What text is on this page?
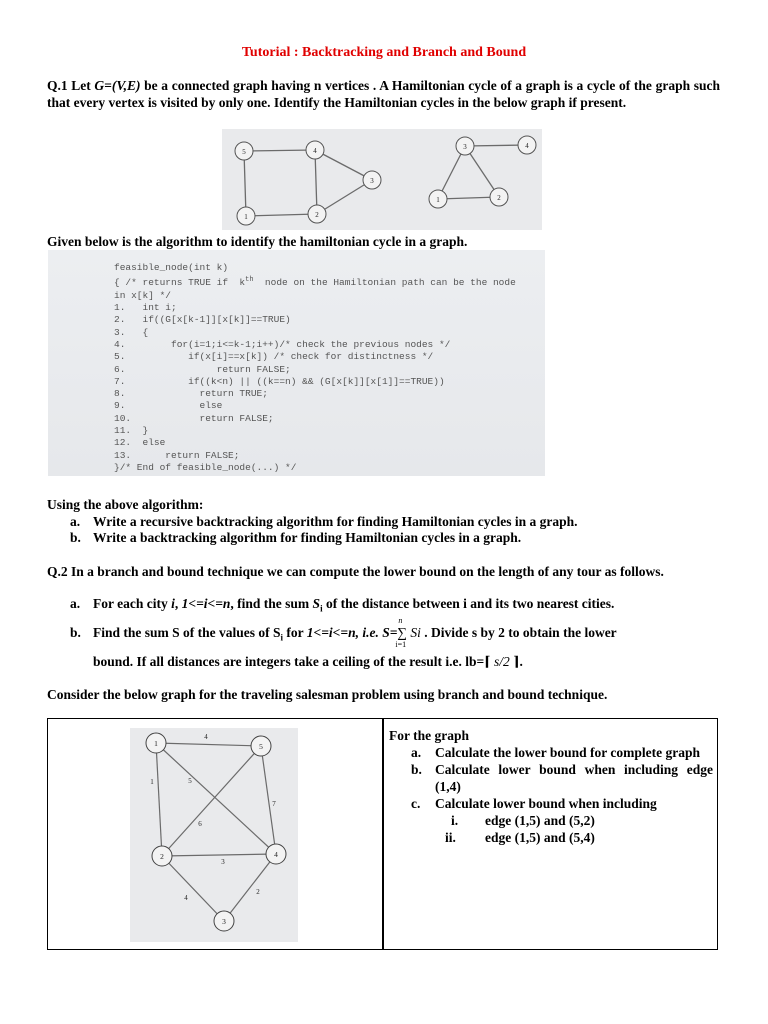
Tutorial : Backtracking and Branch and Bound
Q.1 Let G=(V,E) be a connected graph having n vertices . A Hamiltonian cycle of a graph is a cycle of the graph such that every vertex is visited by only one. Identify the Hamiltonian cycles in the below graph if present.
5	4
3
1	2
3	4
1	2
Given below is the algorithm to identify the hamiltonian cycle in a graph.
feasible_node(int k)
{ /* returns TRUE if  $k^{th}$  node on the Hamiltonian path can be the node
in x[k] */
1.   int i;
2.   if((G[x[k-1]][x[k]]==TRUE)
3.   {
4.        for(i=1;i<=k-1;i++)/* check the previous nodes */
5.           if(x[i]==x[k]) /* check for distinctness */
6.                return FALSE;
7.           if((k<n) || ((k==n) && (G[x[k]][x[1]]==TRUE))
8.             return TRUE;
9.             else
10.            return FALSE;
11.  }
12.  else
13.      return FALSE;
}/* End of feasible_node(...) */
Using the above algorithm:
a. Write a recursive backtracking algorithm for finding Hamiltonian cycles in a graph.
b. Write a backtracking algorithm for finding Hamiltonian cycles in a graph.
Q.2 In a branch and bound technique we can compute the lower bound on the length of any tour as follows.
a. For each city i, 1<=i<=n, find the sum $S_i$ of the distance between i and its two nearest cities.
b. Find the sum S of the values of $S_i$ for 1<=i<=n, i.e. S=
n
∑
i=1
Si . Divide s by 2 to obtain the lower
bound. If all distances are integers take a ceiling of the result i.e. lb=⌈ s/2 ⌉.
Consider the below graph for the traveling salesman problem using branch and bound technique.
1	5
2	4
3
4
1	5
7
6
3
4
2
For the graph
a. Calculate the lower bound for complete graph
b. Calculate lower bound when including edge (1,4)
c. Calculate lower bound when including
i.	edge (1,5) and (5,2)
ii.	edge (1,5) and (5,4)
